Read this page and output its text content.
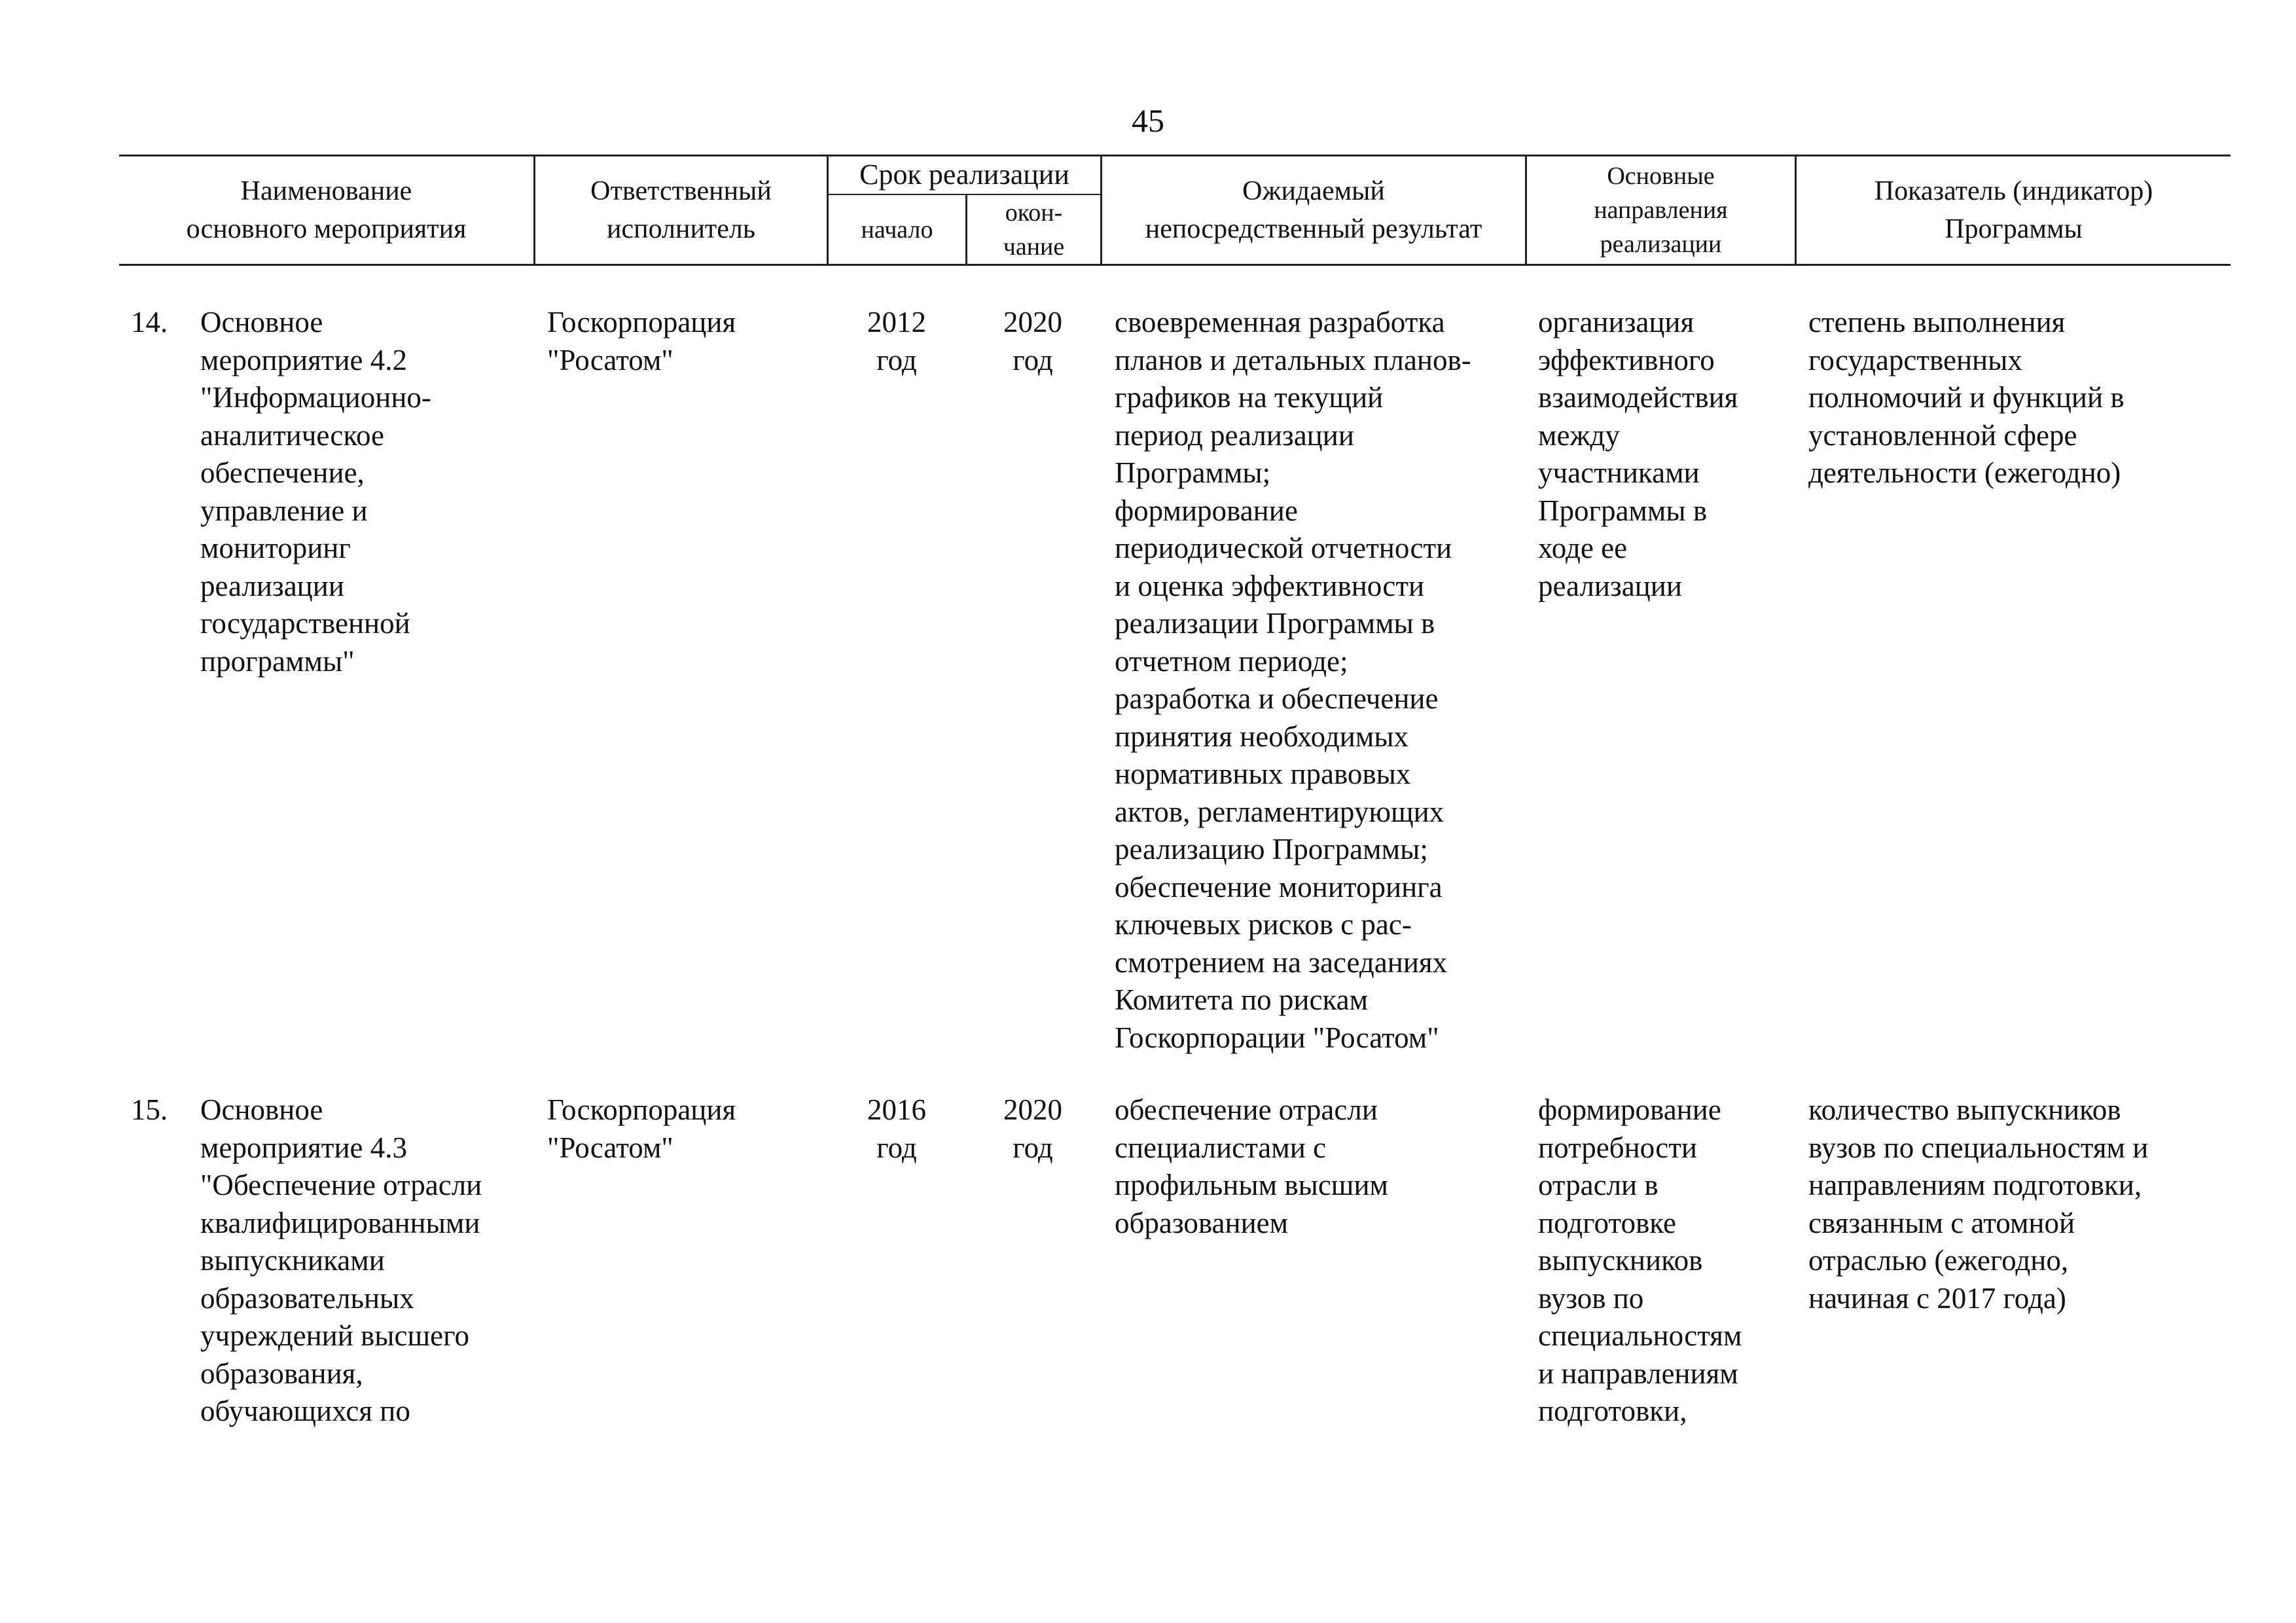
45
Наименование
основного мероприятия
Ответственный
исполнитель
Срок реализации
начало
окон-
чание
Ожидаемый
непосредственный результат
Основные
направления
реализации
Показатель (индикатор)
Программы
14. Основное
мероприятие 4.2
"Информационно-
аналитическое
обеспечение,
управление и
мониторинг
реализации
государственной
программы"
Госкорпорация
"Росатом"
2012
год
2020
год
своевременная разработка
планов и детальных планов-
графиков на текущий
период реализации
Программы;
формирование
периодической отчетности
и оценка эффективности
реализации Программы в
отчетном периоде;
разработка и обеспечение
принятия необходимых
нормативных правовых
актов, регламентирующих
реализацию Программы;
обеспечение мониторинга
ключевых рисков с рас-
смотрением на заседаниях
Комитета по рискам
Госкорпорации "Росатом"
организация
эффективного
взаимодействия
между
участниками
Программы в
ходе ее
реализации
степень выполнения
государственных
полномочий и функций в
установленной сфере
деятельности (ежегодно)
15. Основное
мероприятие 4.3
"Обеспечение отрасли
квалифицированными
выпускниками
образовательных
учреждений высшего
образования,
обучающихся по
Госкорпорация
"Росатом"
2016
год
2020
год
обеспечение отрасли
специалистами с
профильным высшим
образованием
формирование
потребности
отрасли в
подготовке
выпускников
вузов по
специальностям
и направлениям
подготовки,
количество выпускников
вузов по специальностям и
направлениям подготовки,
связанным с атомной
отраслью (ежегодно,
начиная с 2017 года)
